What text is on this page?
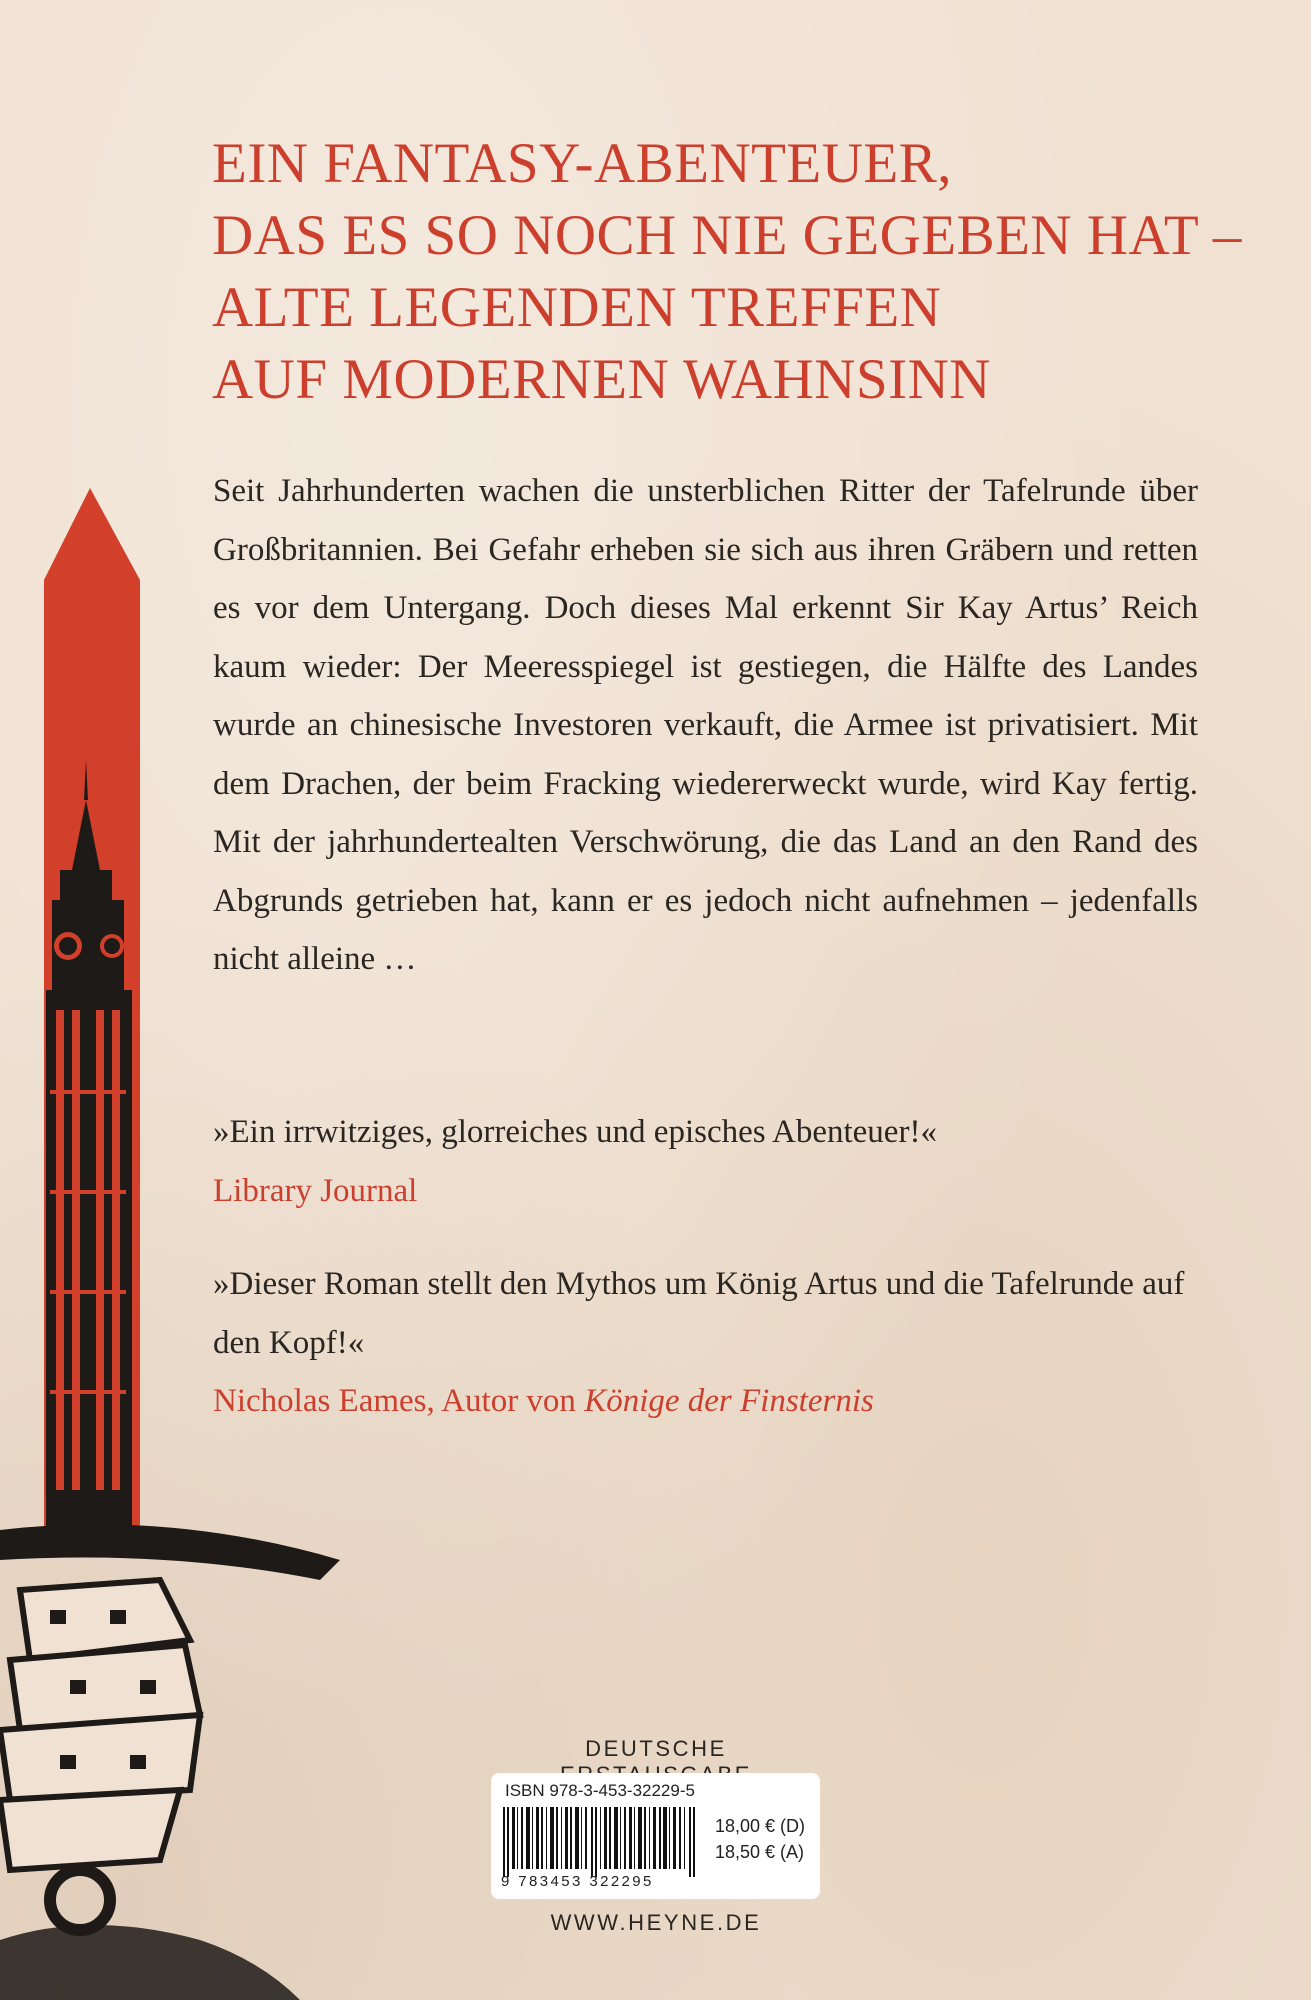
EIN FANTASY-ABENTEUER,
DAS ES SO NOCH NIE GEGEBEN HAT –
ALTE LEGENDEN TREFFEN
AUF MODERNEN WAHNSINN

Seit Jahrhunderten wachen die unsterblichen Ritter der Tafelrunde über Großbritannien. Bei Gefahr erheben sie sich aus ihren Gräbern und retten es vor dem Untergang. Doch dieses Mal erkennt Sir Kay Artus’ Reich kaum wieder: Der Meeresspiegel ist gestiegen, die Hälfte des Landes wurde an chinesische Investoren verkauft, die Armee ist privatisiert. Mit dem Drachen, der beim Fracking wiedererweckt wurde, wird Kay fertig. Mit der jahrhundertealten Verschwörung, die das Land an den Rand des Abgrunds getrieben hat, kann er es jedoch nicht aufnehmen – jedenfalls nicht alleine …

»Ein irrwitziges, glorreiches und episches Abenteuer!«
Library Journal
»Dieser Roman stellt den Mythos um König Artus und die Tafelrunde auf den Kopf!«
Nicholas Eames, Autor von Könige der Finsternis
DEUTSCHE
ISBN 978-3-453-32229-5
9 783453 322295
18,00 € (D)
18,50 € (A)
WWW.HEYNE.DE
